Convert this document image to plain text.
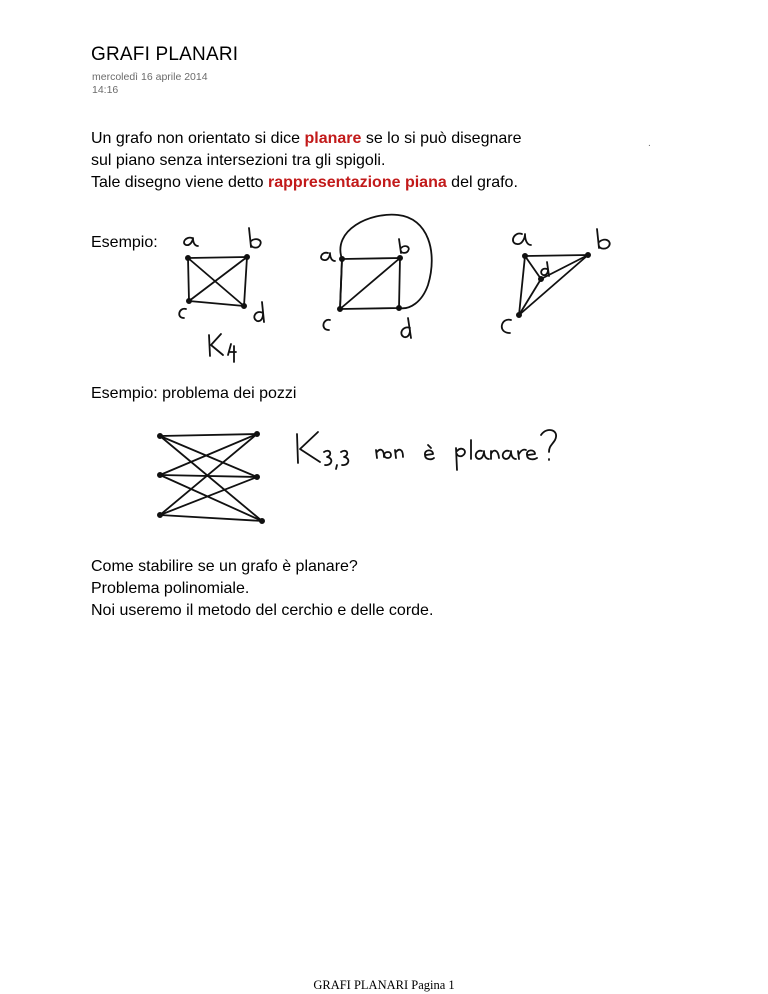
GRAFI PLANARI
mercoledì 16 aprile 2014
14:16
Un grafo non orientato si dice planare se lo si può disegnare
sul piano senza intersezioni tra gli spigoli.
Tale disegno viene detto rappresentazione piana del grafo.
.
Esempio:
Esempio: problema dei pozzi
Come stabilire se un grafo è planare?
Problema polinomiale.
Noi useremo il metodo del cerchio e delle corde.
GRAFI PLANARI Pagina 1
